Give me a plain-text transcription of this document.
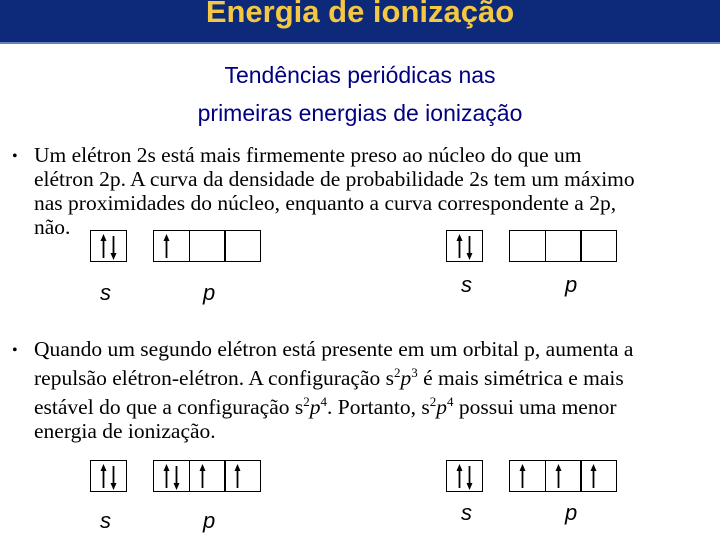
Energia de ionização
Tendências periódicas nas
primeiras energias de ionização
• Um elétron 2s está mais firmemente preso ao núcleo do que um
elétron 2p. A curva da densidade de probabilidade 2s tem um máximo
nas proximidades do núcleo, enquanto a curva correspondente a 2p,
não.
s	p	s	p
• Quando um segundo elétron está presente em um orbital p, aumenta a
repulsão elétron-elétron. A configuração $s^2p^3$ é mais simétrica e mais
estável do que a configuração $s^2p^4$. Portanto, $s^2p^4$ possui uma menor
energia de ionização.
s	p	s	p
